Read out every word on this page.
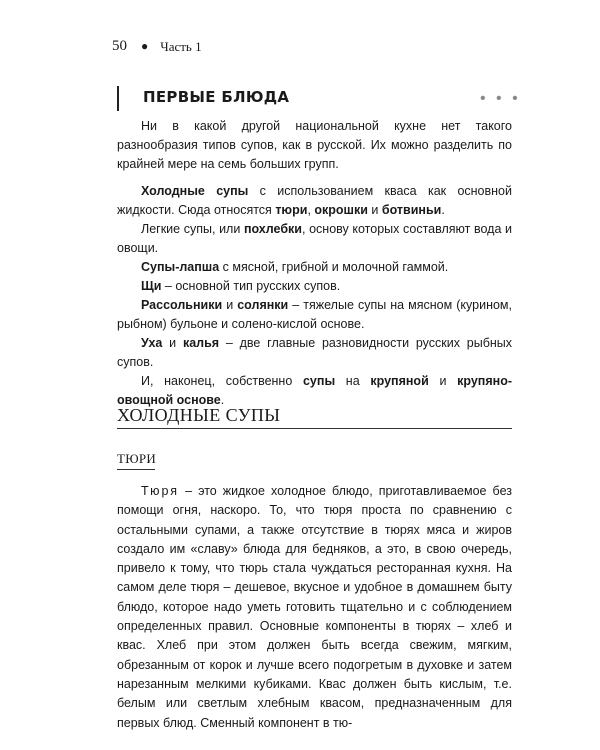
50 ● Часть 1
ПЕРВЫЕ БЛЮДА	• • •

Ни в какой другой национальной кухне нет такого разнообразия типов супов, как в русской. Их можно разделить по крайней мере на семь больших групп.

Холодные супы с использованием кваса как основной жидкости. Сюда относятся тюри, окрошки и ботвиньи.

Легкие супы, или похлебки, основу которых составляют вода и овощи.

Супы-лапша с мясной, грибной и молочной гаммой.

Щи – основной тип русских супов.

Рассольники и солянки – тяжелые супы на мясном (курином, рыбном) бульоне и солено-кислой основе.

Уха и калья – две главные разновидности русских рыбных супов.

И, наконец, собственно супы на крупяной и крупяно-овощной основе.

ХОЛОДНЫЕ СУПЫ
ТЮРИ

Тюря – это жидкое холодное блюдо, приготавливаемое без помощи огня, наскоро. То, что тюря проста по сравнению с остальными супами, а также отсутствие в тюрях мяса и жиров создало им «славу» блюда для бедняков, а это, в свою очередь, привело к тому, что тюрь стала чуждаться ресторанная кухня. На самом деле тюря – дешевое, вкусное и удобное в домашнем быту блюдо, которое надо уметь готовить тщательно и с соблюдением определенных правил. Основные компоненты в тюрях – хлеб и квас. Хлеб при этом должен быть всегда свежим, мягким, обрезанным от корок и лучше всего подогретым в духовке и затем нарезанным мелкими кубиками. Квас должен быть кислым, т.е. белым или светлым хлебным квасом, предназначенным для первых блюд. Сменный компонент в тю-
